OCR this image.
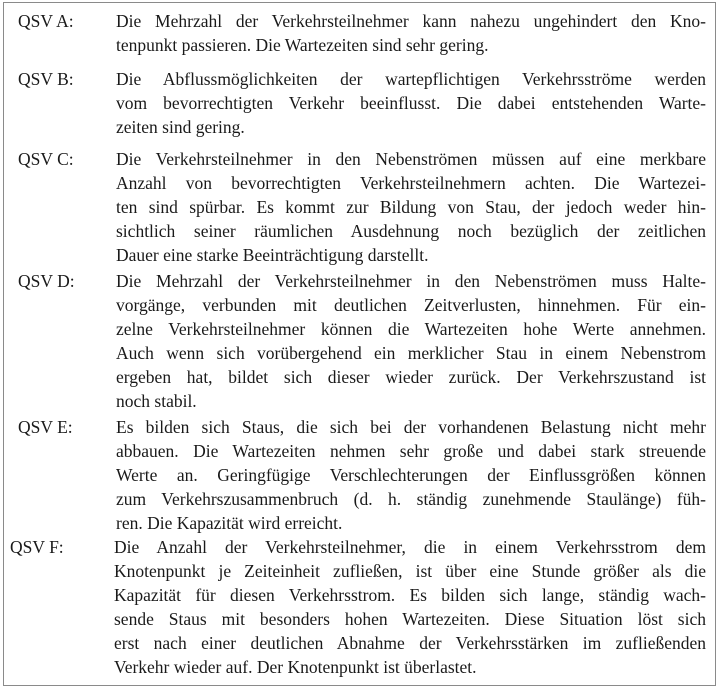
QSV A: Die Mehrzahl der Verkehrsteilnehmer kann nahezu ungehindert den Kno-
tenpunkt passieren. Die Wartezeiten sind sehr gering.
QSV B: Die Abflussmöglichkeiten der wartepflichtigen Verkehrsströme werden
vom bevorrechtigten Verkehr beeinflusst. Die dabei entstehenden Warte-
zeiten sind gering.
QSV C: Die Verkehrsteilnehmer in den Nebenströmen müssen auf eine merkbare
Anzahl von bevorrechtigten Verkehrsteilnehmern achten. Die Wartezei-
ten sind spürbar. Es kommt zur Bildung von Stau, der jedoch weder hin-
sichtlich seiner räumlichen Ausdehnung noch bezüglich der zeitlichen
Dauer eine starke Beeinträchtigung darstellt.
QSV D: Die Mehrzahl der Verkehrsteilnehmer in den Nebenströmen muss Halte-
vorgänge, verbunden mit deutlichen Zeitverlusten, hinnehmen. Für ein-
zelne Verkehrsteilnehmer können die Wartezeiten hohe Werte annehmen.
Auch wenn sich vorübergehend ein merklicher Stau in einem Nebenstrom
ergeben hat, bildet sich dieser wieder zurück. Der Verkehrszustand ist
noch stabil.
QSV E: Es bilden sich Staus, die sich bei der vorhandenen Belastung nicht mehr
abbauen. Die Wartezeiten nehmen sehr große und dabei stark streuende
Werte an. Geringfügige Verschlechterungen der Einflussgrößen können
zum Verkehrszusammenbruch (d. h. ständig zunehmende Staulänge) füh-
ren. Die Kapazität wird erreicht.
QSV F:	Die Anzahl der Verkehrsteilnehmer, die in einem Verkehrsstrom dem
Knotenpunkt je Zeiteinheit zufließen, ist über eine Stunde größer als die
Kapazität für diesen Verkehrsstrom. Es bilden sich lange, ständig wach-
sende Staus mit besonders hohen Wartezeiten. Diese Situation löst sich
erst nach einer deutlichen Abnahme der Verkehrsstärken im zufließenden
Verkehr wieder auf. Der Knotenpunkt ist überlastet.
